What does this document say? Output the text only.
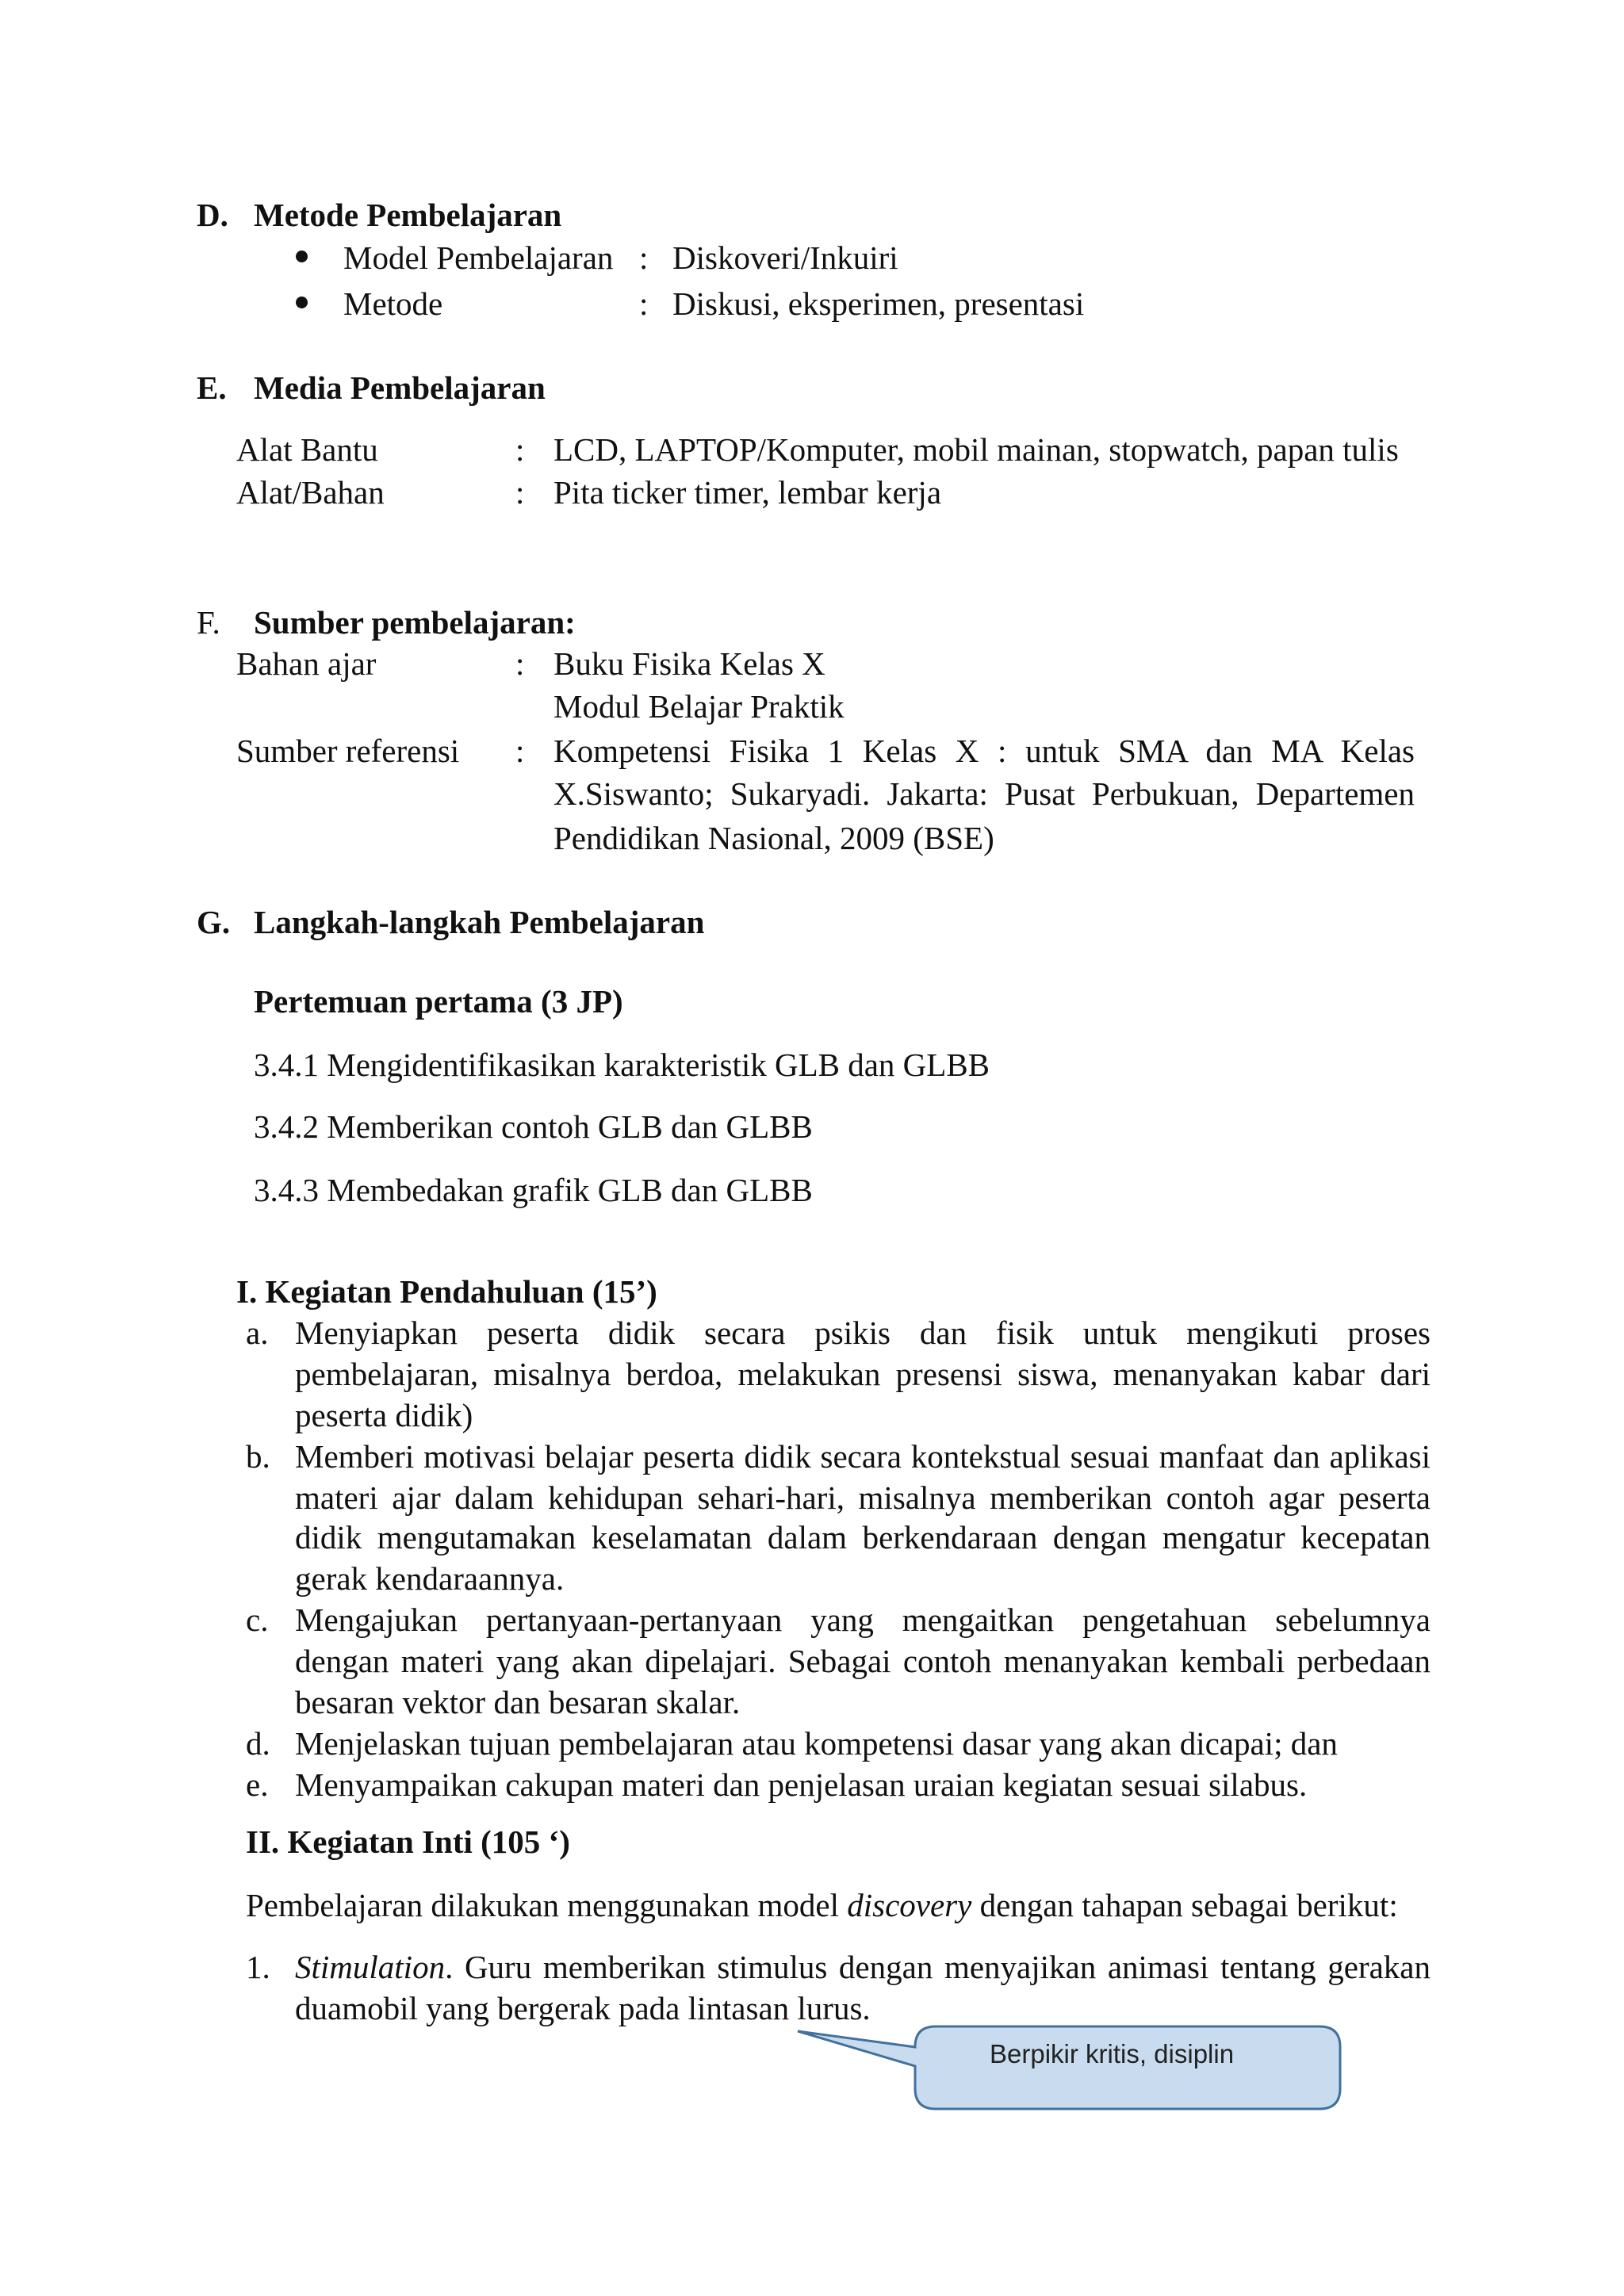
D. Metode Pembelajaran
Model Pembelajaran : Diskoveri/Inkuiri
Metode	: Diskusi, eksperimen, presentasi
E. Media Pembelajaran
Alat Bantu	: LCD, LAPTOP/Komputer, mobil mainan, stopwatch, papan tulis
Alat/Bahan	: Pita ticker timer, lembar kerja
F. Sumber pembelajaran:
Bahan ajar	: Buku Fisika Kelas X
Modul Belajar Praktik
Sumber referensi : Kompetensi Fisika 1 Kelas X : untuk SMA dan MA Kelas
X.Siswanto; Sukaryadi. Jakarta: Pusat Perbukuan, Departemen
Pendidikan Nasional, 2009 (BSE)
G. Langkah-langkah Pembelajaran
Pertemuan pertama (3 JP)
3.4.1 Mengidentifikasikan karakteristik GLB dan GLBB
3.4.2 Memberikan contoh GLB dan GLBB
3.4.3 Membedakan grafik GLB dan GLBB
I. Kegiatan Pendahuluan (15’)
a. Menyiapkan peserta didik secara psikis dan fisik untuk mengikuti proses
pembelajaran, misalnya berdoa, melakukan presensi siswa, menanyakan kabar dari
peserta didik)
b. Memberi motivasi belajar peserta didik secara kontekstual sesuai manfaat dan aplikasi
materi ajar dalam kehidupan sehari-hari, misalnya memberikan contoh agar peserta
didik mengutamakan keselamatan dalam berkendaraan dengan mengatur kecepatan
gerak kendaraannya.
c. Mengajukan pertanyaan-pertanyaan yang mengaitkan pengetahuan sebelumnya
dengan materi yang akan dipelajari. Sebagai contoh menanyakan kembali perbedaan
besaran vektor dan besaran skalar.
d. Menjelaskan tujuan pembelajaran atau kompetensi dasar yang akan dicapai; dan
e. Menyampaikan cakupan materi dan penjelasan uraian kegiatan sesuai silabus.
II. Kegiatan Inti (105 ‘)
Pembelajaran dilakukan menggunakan model discovery dengan tahapan sebagai berikut:
1. Stimulation. Guru memberikan stimulus dengan menyajikan animasi tentang gerakan
duamobil yang bergerak pada lintasan lurus.
Berpikir kritis, disiplin
